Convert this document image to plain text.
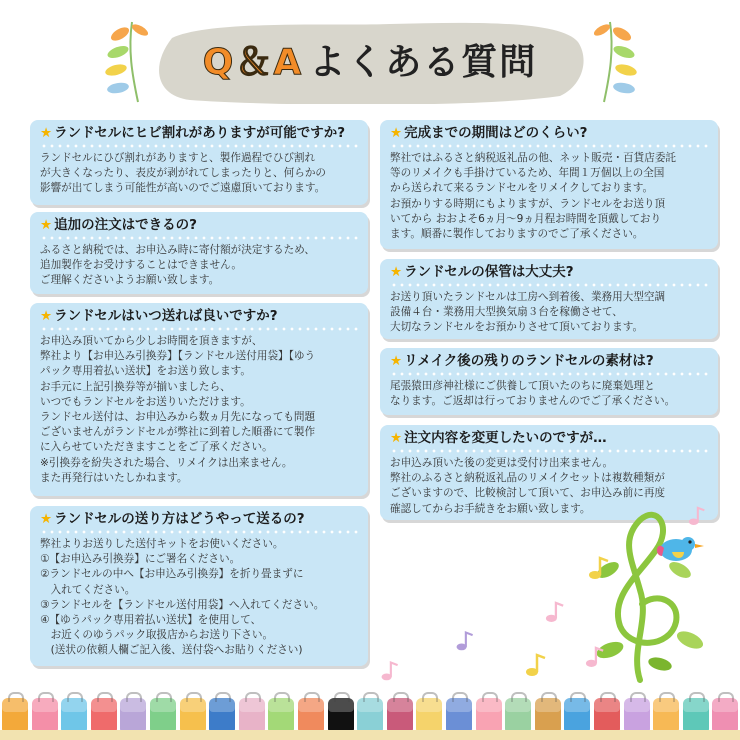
Q＆A よくある質問
★ ランドセルにヒビ割れがありますが可能ですか?
ランドセルにひび割れがありますと、製作過程でひび割れ
が大きくなったり、表皮が剥がれてしまったりと、何らかの
影響が出てしまう可能性が高いのでご遠慮頂いております。
★ 追加の注文はできるの?
ふるさと納税では、お申込み時に寄付額が決定するため、
追加製作をお受けすることはできません。
ご理解くださいようお願い致します。
★ ランドセルはいつ送れば良いですか?
お申込み頂いてから少しお時間を頂きますが、
弊社より【お申込み引換券】【ランドセル送付用袋】【ゆう
パック専用着払い送状】をお送り致します。
お手元に上記引換券等が揃いましたら、
いつでもランドセルをお送りいただけます。
ランドセル送付は、お申込みから数ヵ月先になっても問題
ございませんがランドセルが弊社に到着した順番にて製作
に入らせていただきますことをご了承ください。
※引換券を紛失された場合、リメイクは出来ません。
また再発行はいたしかねます。
★ ランドセルの送り方はどうやって送るの?
弊社よりお送りした送付キットをお使いください。
①【お申込み引換券】にご署名ください。
②ランドセルの中へ【お申込み引換券】を折り畳まずに
　入れてください。
③ランドセルを【ランドセル送付用袋】へ入れてください。
④【ゆうパック専用着払い送状】を使用して、
　お近くのゆうパック取扱店からお送り下さい。
　(送状の依頼人欄ご記入後、送付袋へお貼りください)
★ 完成までの期間はどのくらい?
弊社ではふるさと納税返礼品の他、ネット販売・百貨店委託
等のリメイクも手掛けているため、年間１万個以上の全国
から送られて来るランドセルをリメイクしております。
お預かりする時期にもよりますが、ランドセルをお送り頂
いてから おおよそ6ヵ月〜9ヵ月程お時間を頂戴しており
ます。順番に製作しておりますのでご了承ください。
★ ランドセルの保管は大丈夫?
お送り頂いたランドセルは工房へ到着後、業務用大型空調
設備４台・業務用大型換気扇３台を稼働させて、
大切なランドセルをお預かりさせて頂いております。
★ リメイク後の残りのランドセルの素材は?
尾張猿田彦神社様にご供養して頂いたのちに廃棄処理と
なります。ご返却は行っておりませんのでご了承ください。
★ 注文内容を変更したいのですが…
お申込み頂いた後の変更は受付け出来ません。
弊社のふるさと納税返礼品のリメイクセットは複数種類が
ございますので、比較検討して頂いて、お申込み前に再度
確認してからお手続きをお願い致します。
